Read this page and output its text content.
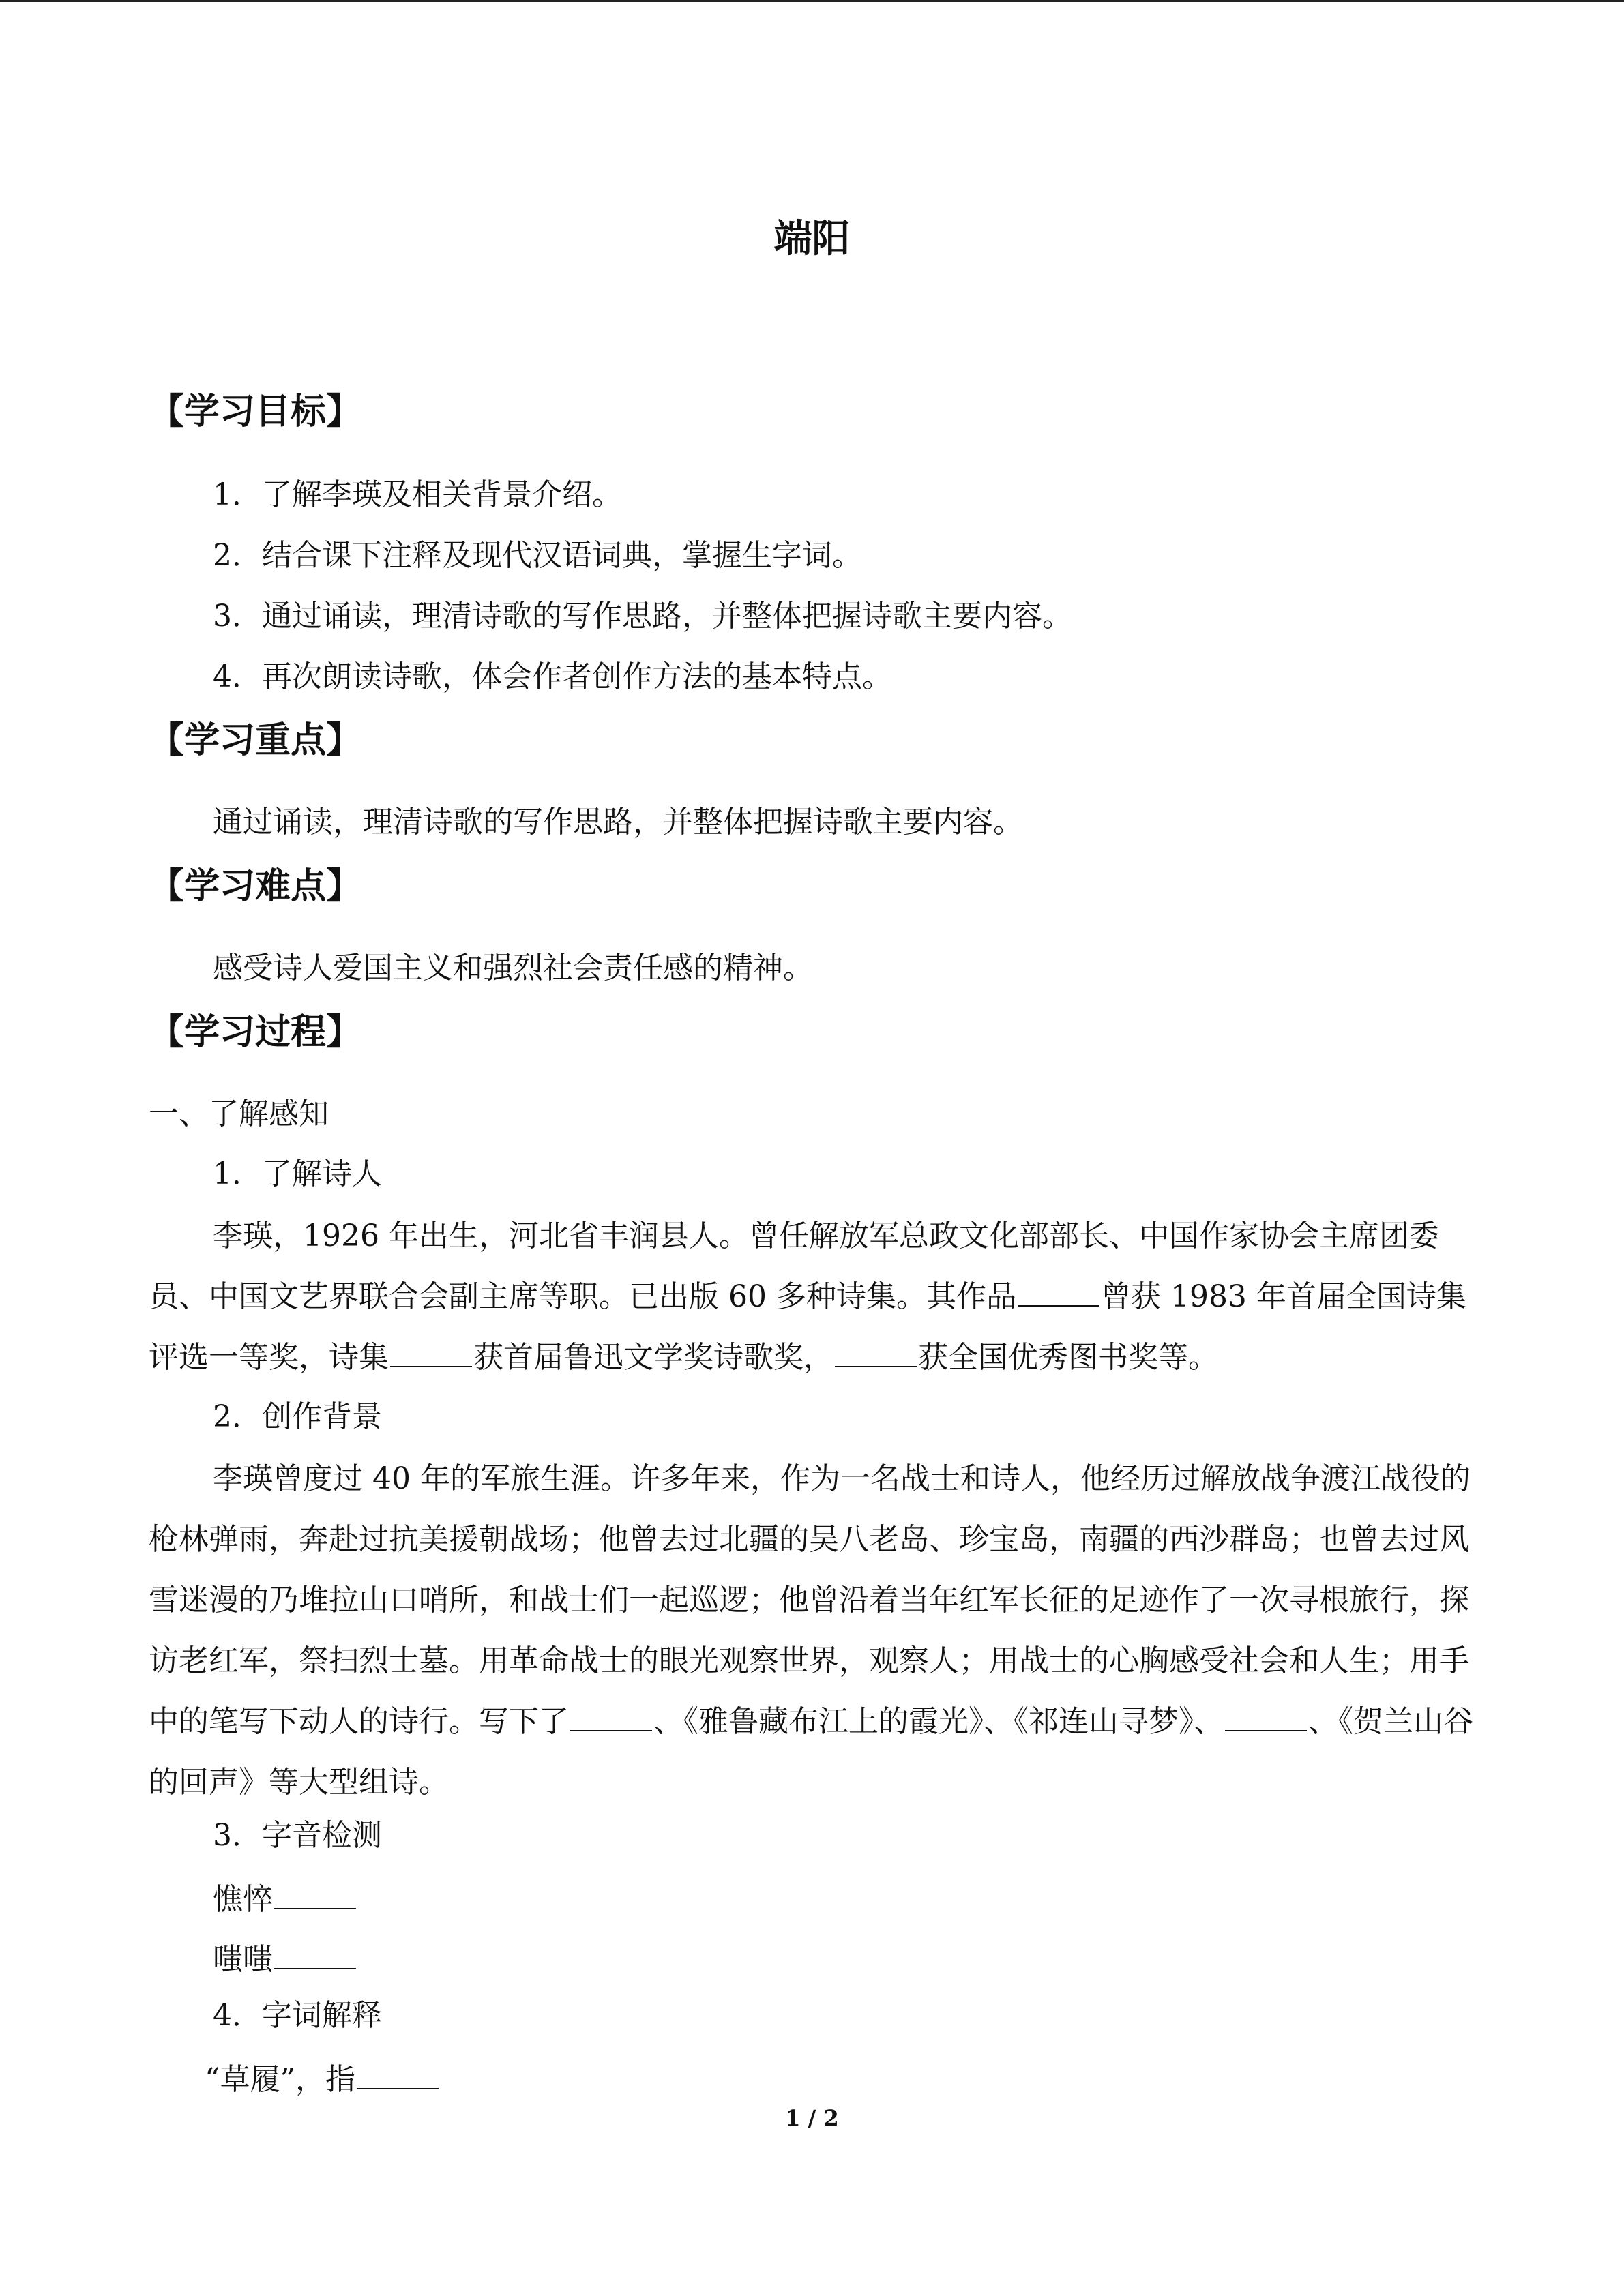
端阳
【学习目标】
1．了解李瑛及相关背景介绍。
2．结合课下注释及现代汉语词典，掌握生字词。
3．通过诵读，理清诗歌的写作思路，并整体把握诗歌主要内容。
4．再次朗读诗歌，体会作者创作方法的基本特点。
【学习重点】
通过诵读，理清诗歌的写作思路，并整体把握诗歌主要内容。
【学习难点】
感受诗人爱国主义和强烈社会责任感的精神。
【学习过程】
一、了解感知
1．了解诗人
李瑛，1926 年出生，河北省丰润县人。曾任解放军总政文化部部长、中国作家协会主席团委员、中国文艺界联合会副主席等职。已出版 60 多种诗集。其作品	曾获 1983 年首届全国诗集评选一等奖，诗集	获首届鲁迅文学奖诗歌奖，	获全国优秀图书奖等。
2．创作背景
李瑛曾度过 40 年的军旅生涯。许多年来，作为一名战士和诗人，他经历过解放战争渡江战役的枪林弹雨，奔赴过抗美援朝战场；他曾去过北疆的吴八老岛、珍宝岛，南疆的西沙群岛；也曾去过风雪迷漫的乃堆拉山口哨所，和战士们一起巡逻；他曾沿着当年红军长征的足迹作了一次寻根旅行，探访老红军，祭扫烈士墓。用革命战士的眼光观察世界，观察人；用战士的心胸感受社会和人生；用手中的笔写下动人的诗行。写下了	、《雅鲁藏布江上的霞光》、《祁连山寻梦》、	、《贺兰山谷的回声》等大型组诗。
3．字音检测
憔悴
嗤嗤
4．字词解释
“草履”，指
1 / 2
